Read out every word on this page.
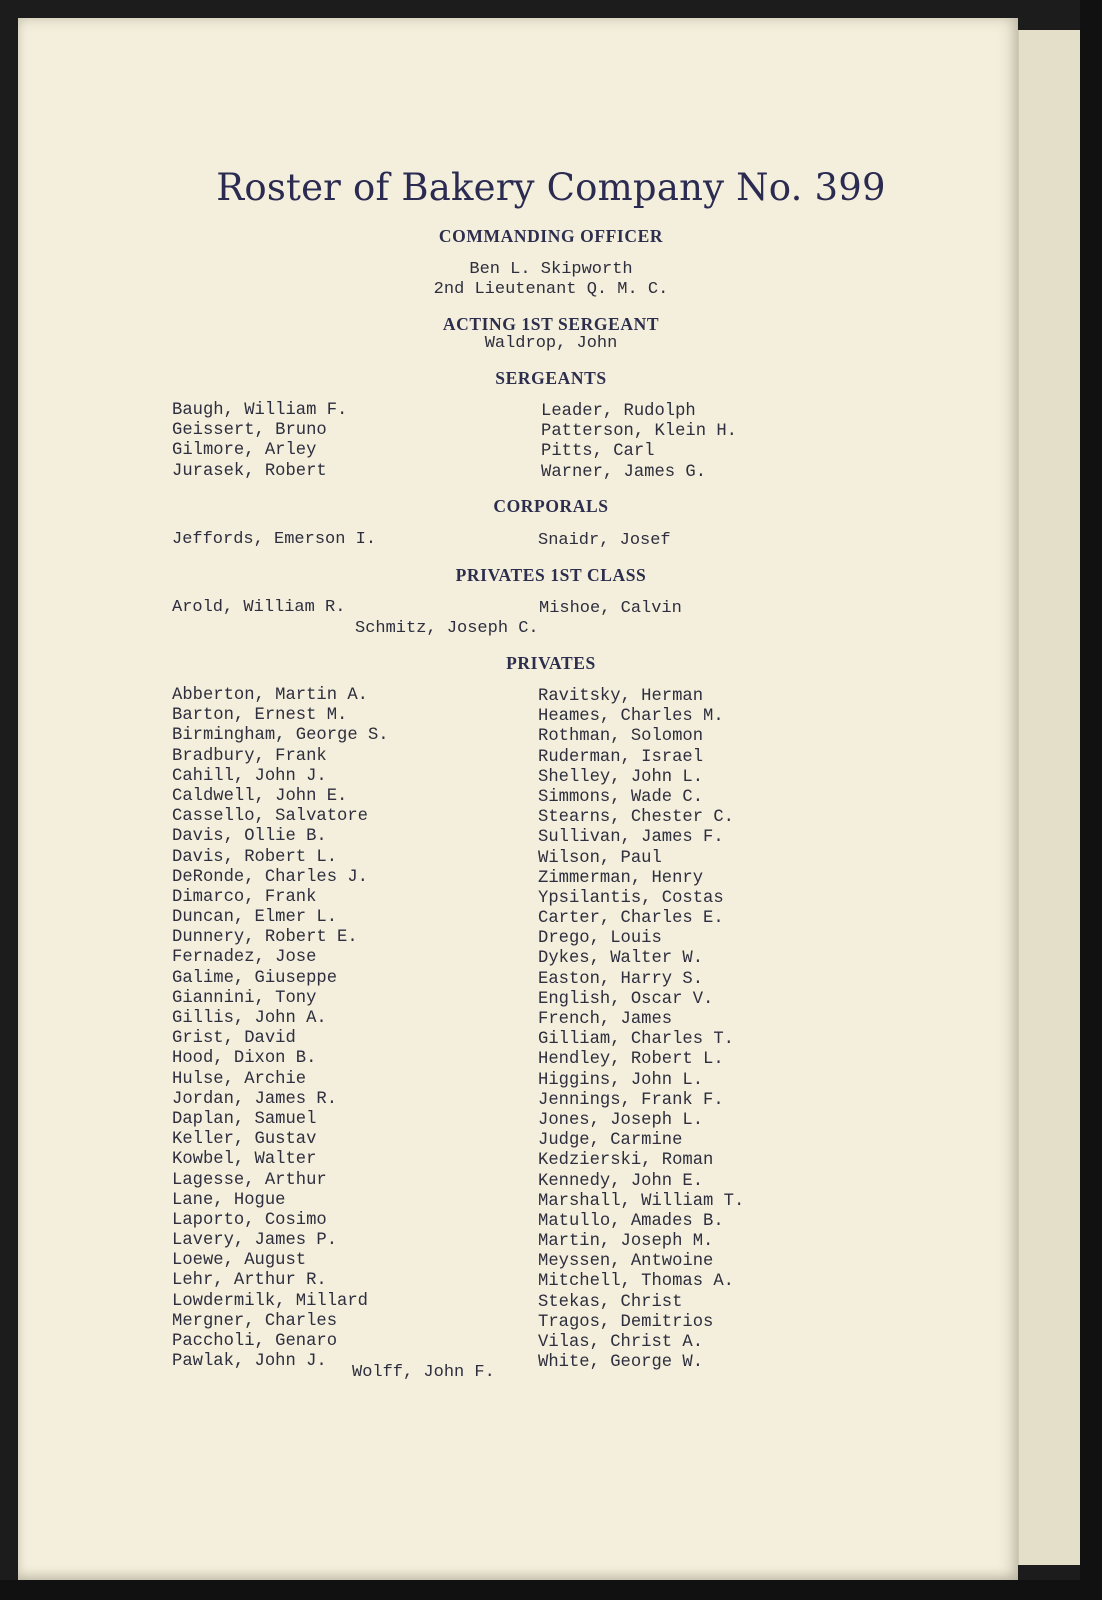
Roster of Bakery Company No. 399
COMMANDING OFFICER
Ben L. Skipworth
2nd Lieutenant Q. M. C.
ACTING 1ST SERGEANT
Waldrop, John
SERGEANTS
Baugh, William F.
Geissert, Bruno
Gilmore, Arley
Jurasek, Robert
Leader, Rudolph
Patterson, Klein H.
Pitts, Carl
Warner, James G.
CORPORALS
Jeffords, Emerson I.	Snaidr, Josef
PRIVATES 1ST CLASS
Arold, William R.	Mishoe, Calvin
Schmitz, Joseph C.
PRIVATES
Abberton, Martin A.
Barton, Ernest M.
Birmingham, George S.
Bradbury, Frank
Cahill, John J.
Caldwell, John E.
Cassello, Salvatore
Davis, Ollie B.
Davis, Robert L.
DeRonde, Charles J.
Dimarco, Frank
Duncan, Elmer L.
Dunnery, Robert E.
Fernadez, Jose
Galime, Giuseppe
Giannini, Tony
Gillis, John A.
Grist, David
Hood, Dixon B.
Hulse, Archie
Jordan, James R.
Daplan, Samuel
Keller, Gustav
Kowbel, Walter
Lagesse, Arthur
Lane, Hogue
Laporto, Cosimo
Lavery, James P.
Loewe, August
Lehr, Arthur R.
Lowdermilk, Millard
Mergner, Charles
Paccholi, Genaro
Pawlak, John J.
Ravitsky, Herman
Heames, Charles M.
Rothman, Solomon
Ruderman, Israel
Shelley, John L.
Simmons, Wade C.
Stearns, Chester C.
Sullivan, James F.
Wilson, Paul
Zimmerman, Henry
Ypsilantis, Costas
Carter, Charles E.
Drego, Louis
Dykes, Walter W.
Easton, Harry S.
English, Oscar V.
French, James
Gilliam, Charles T.
Hendley, Robert L.
Higgins, John L.
Jennings, Frank F.
Jones, Joseph L.
Judge, Carmine
Kedzierski, Roman
Kennedy, John E.
Marshall, William T.
Matullo, Amades B.
Martin, Joseph M.
Meyssen, Antwoine
Mitchell, Thomas A.
Stekas, Christ
Tragos, Demitrios
Vilas, Christ A.
White, George W.
Wolff, John F.
